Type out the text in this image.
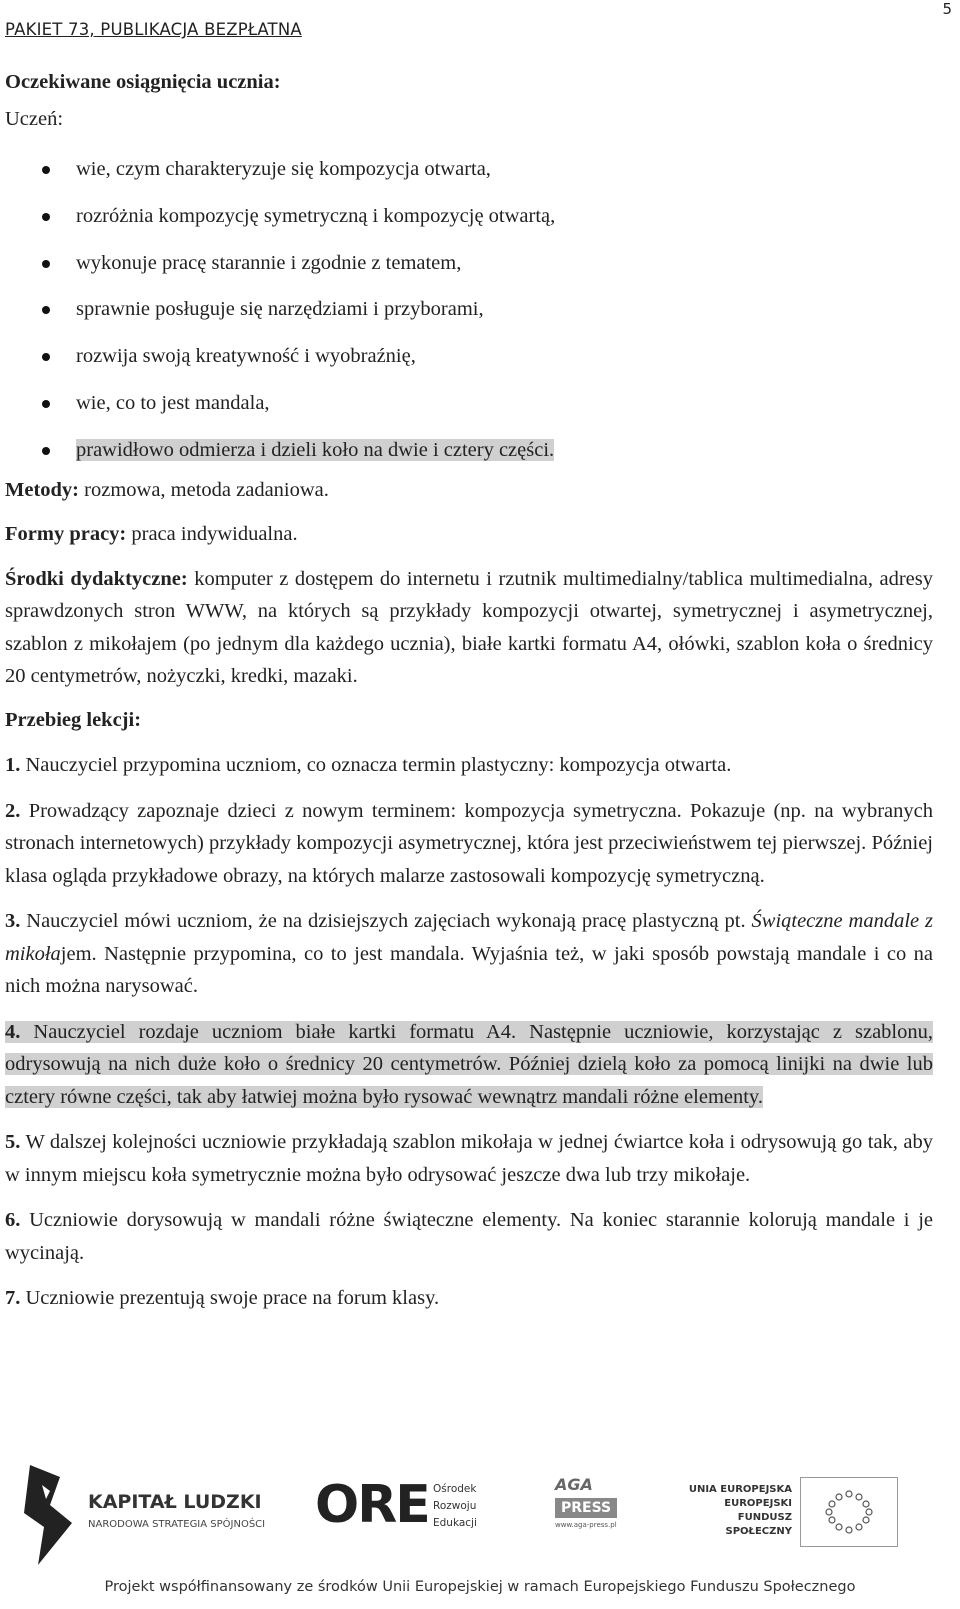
5
PAKIET 73, PUBLIKACJA BEZPŁATNA

Oczekiwane osiągnięcia ucznia:

Uczeń:

wie, czym charakteryzuje się kompozycja otwarta,
rozróżnia kompozycję symetryczną i kompozycję otwartą,
wykonuje pracę starannie i zgodnie z tematem,
sprawnie posługuje się narzędziami i przyborami,
rozwija swoją kreatywność i wyobraźnię,
wie, co to jest mandala,
prawidłowo odmierza i dzieli koło na dwie i cztery części.

Metody: rozmowa, metoda zadaniowa.

Formy pracy: praca indywidualna.

Środki dydaktyczne: komputer z dostępem do internetu i rzutnik multimedialny/tablica multimedialna, adresy sprawdzonych stron WWW, na których są przykłady kompozycji otwartej, symetrycznej i asymetrycznej, szablon z mikołajem (po jednym dla każdego ucznia), białe kartki formatu A4, ołówki, szablon koła o średnicy 20 centymetrów, nożyczki, kredki, mazaki.

Przebieg lekcji:

1. Nauczyciel przypomina uczniom, co oznacza termin plastyczny: kompozycja otwarta.

2. Prowadzący zapoznaje dzieci z nowym terminem: kompozycja symetryczna. Pokazuje (np. na wybranych stronach internetowych) przykłady kompozycji asymetrycznej, która jest przeciwieństwem tej pierwszej. Później klasa ogląda przykładowe obrazy, na których malarze zastosowali kompozycję symetryczną.

3. Nauczyciel mówi uczniom, że na dzisiejszych zajęciach wykonają pracę plastyczną pt. Świąteczne mandale z mikołajem. Następnie przypomina, co to jest mandala. Wyjaśnia też, w jaki sposób powstają mandale i co na nich można narysować.

4. Nauczyciel rozdaje uczniom białe kartki formatu A4. Następnie uczniowie, korzystając z szablonu, odrysowują na nich duże koło o średnicy 20 centymetrów. Później dzielą koło za pomocą linijki na dwie lub cztery równe części, tak aby łatwiej można było rysować wewnątrz mandali różne elementy.

5. W dalszej kolejności uczniowie przykładają szablon mikołaja w jednej ćwiartce koła i odrysowują go tak, aby w innym miejscu koła symetrycznie można było odrysować jeszcze dwa lub trzy mikołaje.

6. Uczniowie dorysowują w mandali różne świąteczne elementy. Na koniec starannie kolorują mandale i je wycinają.

7. Uczniowie prezentują swoje prace na forum klasy.

KAPITAŁ LUDZKI
NARODOWA STRATEGIA SPÓJNOŚCI ORE Ośrodek
Rozwoju
Edukacji
AGA
PRESS
www.aga-press.pl
UNIA EUROPEJSKA
EUROPEJSKI
FUNDUSZ SPOŁECZNY
Projekt współfinansowany ze środków Unii Europejskiej w ramach Europejskiego Funduszu Społecznego
